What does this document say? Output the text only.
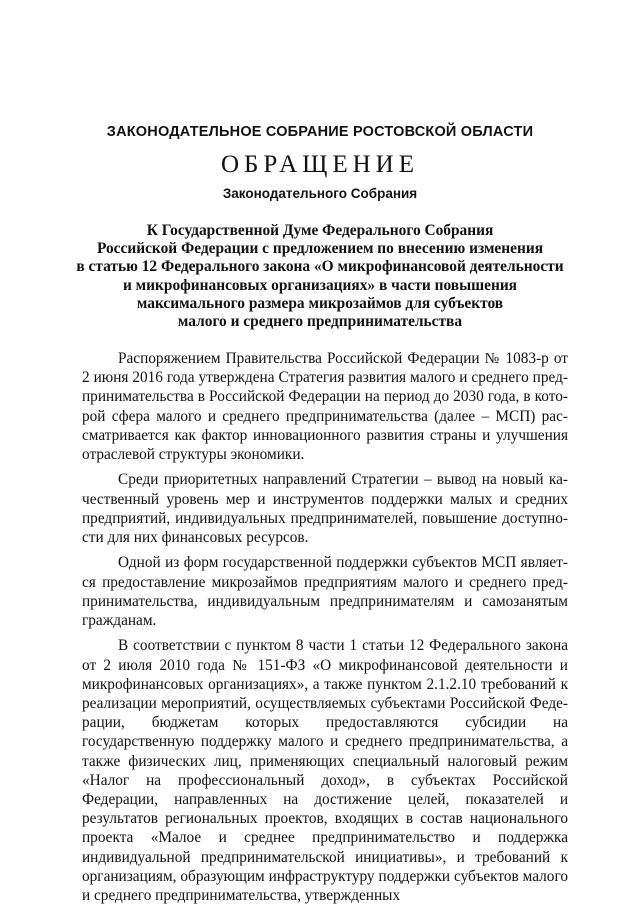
ЗАКОНОДАТЕЛЬНОЕ СОБРАНИЕ РОСТОВСКОЙ ОБЛАСТИ
ОБРАЩЕНИЕ
Законодательного Собрания
К Государственной Думе Федерального Собрания
Российской Федерации с предложением по внесению изменения
в статью 12 Федерального закона «О микрофинансовой деятельности
и микрофинансовых организациях» в части повышения
максимального размера микрозаймов для субъектов
малого и среднего предпринимательства

Распоряжением Правительства Российской Федерации № 1083-р от 2 июня 2016 года утверждена Стратегия развития малого и среднего предпринимательства в Российской Федерации на период до 2030 года, в которой сфера малого и среднего предпринимательства (далее – МСП) рассматривается как фактор инновационного развития страны и улучшения отраслевой структуры экономики.

Среди приоритетных направлений Стратегии – вывод на новый качественный уровень мер и инструментов поддержки малых и средних предприятий, индивидуальных предпринимателей, повышение доступности для них финансовых ресурсов.

Одной из форм государственной поддержки субъектов МСП является предоставление микрозаймов предприятиям малого и среднего предпринимательства, индивидуальным предпринимателям и самозанятым гражданам.

В соответствии с пунктом 8 части 1 статьи 12 Федерального закона от 2 июля 2010 года № 151-ФЗ «О микрофинансовой деятельности и микрофинансовых организациях», а также пунктом 2.1.2.10 требований к реализации мероприятий, осуществляемых субъектами Российской Федерации, бюджетам которых предоставляются субсидии на государственную поддержку малого и среднего предпринимательства, а также физических лиц, применяющих специальный налоговый режим «Налог на профессиональный доход», в субъектах Российской Федерации, направленных на достижение целей, показателей и результатов региональных проектов, входящих в состав национального проекта «Малое и среднее предпринимательство и поддержка индивидуальной предпринимательской инициативы», и требований к организациям, образующим инфраструктуру поддержки субъектов малого и среднего предпринимательства, утвержденных
